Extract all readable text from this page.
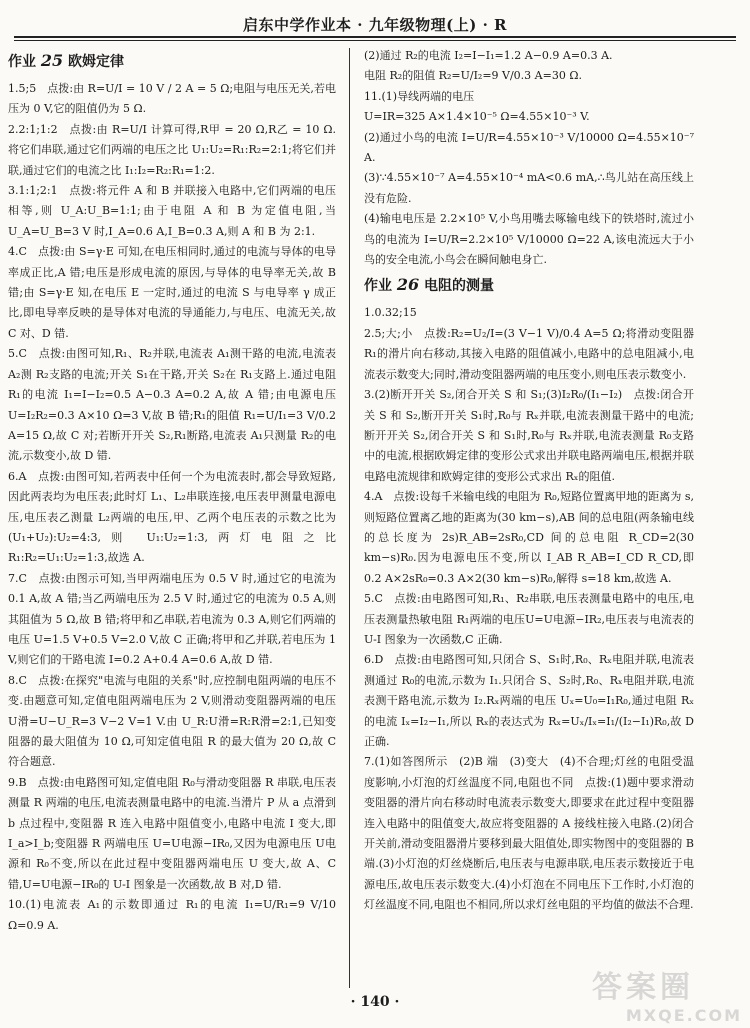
启东中学作业本 · 九年级物理(上) · R
作业 25 欧姆定律

1.5;5　点拨:由 R=U/I = 10 V / 2 A = 5 Ω;电阻与电压无关,若电压为 0 V,它的阻值仍为 5 Ω.

2.2:1;1:2　点拨:由 R=U/I 计算可得,R甲 = 20 Ω,R乙 = 10 Ω.将它们串联,通过它们两端的电压之比 U₁:U₂=R₁:R₂=2:1;将它们并联,通过它们的电流之比 I₁:I₂=R₂:R₁=1:2.

3.1:1;2:1　点拨:将元件 A 和 B 并联接入电路中,它们两端的电压相等,则 U_A:U_B=1:1;由于电阻 A 和 B 为定值电阻,当 U_A=U_B=3 V 时,I_A=0.6 A,I_B=0.3 A,则 A 和 B 为 2:1.

4.C　点拨:由 S=γ·E 可知,在电压相同时,通过的电流与导体的电导率成正比,A 错;电压是形成电流的原因,与导体的电导率无关,故 B 错;由 S=γ·E 知,在电压 E 一定时,通过的电流 S 与电导率 γ 成正比,即电导率反映的是导体对电流的导通能力,与电压、电流无关,故 C 对、D 错.

5.C　点拨:由图可知,R₁、R₂并联,电流表 A₁测干路的电流,电流表 A₂测 R₂支路的电流;开关 S₁在干路,开关 S₂在 R₁支路上.通过电阻 R₁的电流 I₁=I−I₂=0.5 A−0.3 A=0.2 A,故 A 错;由电源电压 U=I₂R₂=0.3 A×10 Ω=3 V,故 B 错;R₁的阻值 R₁=U/I₁=3 V/0.2 A=15 Ω,故 C 对;若断开开关 S₂,R₁断路,电流表 A₁只测量 R₂的电流,示数变小,故 D 错.

6.A　点拨:由图可知,若两表中任何一个为电流表时,都会导致短路,因此两表均为电压表;此时灯 L₁、L₂串联连接,电压表甲测量电源电压,电压表乙测量 L₂两端的电压,甲、乙两个电压表的示数之比为(U₁+U₂):U₂=4:3,则 U₁:U₂=1:3,两灯电阻之比 R₁:R₂=U₁:U₂=1:3,故选 A.

7.C　点拨:由图示可知,当甲两端电压为 0.5 V 时,通过它的电流为 0.1 A,故 A 错;当乙两端电压为 2.5 V 时,通过它的电流为 0.5 A,则其阻值为 5 Ω,故 B 错;将甲和乙串联,若电流为 0.3 A,则它们两端的电压 U=1.5 V+0.5 V=2.0 V,故 C 正确;将甲和乙并联,若电压为 1 V,则它们的干路电流 I=0.2 A+0.4 A=0.6 A,故 D 错.

8.C　点拨:在探究"电流与电阻的关系"时,应控制电阻两端的电压不变.由题意可知,定值电阻两端电压为 2 V,则滑动变阻器两端的电压 U滑=U−U_R=3 V−2 V=1 V.由 U_R:U滑=R:R滑=2:1,已知变阻器的最大阻值为 10 Ω,可知定值电阻 R 的最大值为 20 Ω,故 C 符合题意.

9.B　点拨:由电路图可知,定值电阻 R₀与滑动变阻器 R 串联,电压表测量 R 两端的电压,电流表测量电路中的电流.当滑片 P 从 a 点滑到 b 点过程中,变阻器 R 连入电路中阻值变小,电路中电流 I 变大,即 I_a>I_b;变阻器 R 两端电压 U=U电源−IR₀,又因为电源电压 U电源和 R₀不变,所以在此过程中变阻器两端电压 U 变大,故 A、C 错,U=U电源−IR₀的 U-I 图象是一次函数,故 B 对,D 错.

10.(1)电流表 A₁的示数即通过 R₁的电流 I₁=U/R₁=9 V/10 Ω=0.9 A.

(2)通过 R₂的电流 I₂=I−I₁=1.2 A−0.9 A=0.3 A.

电阻 R₂的阻值 R₂=U/I₂=9 V/0.3 A=30 Ω.

11.(1)导线两端的电压

U=IR=325 A×1.4×10⁻⁵ Ω=4.55×10⁻³ V.

(2)通过小鸟的电流 I=U/R=4.55×10⁻³ V/10000 Ω=4.55×10⁻⁷ A.

(3)∵4.55×10⁻⁷ A=4.55×10⁻⁴ mA<0.6 mA,∴鸟儿站在高压线上没有危险.

(4)输电电压是 2.2×10⁵ V,小鸟用嘴去啄输电线下的铁塔时,流过小鸟的电流为 I=U/R=2.2×10⁵ V/10000 Ω=22 A,该电流远大于小鸟的安全电流,小鸟会在瞬间触电身亡.

作业 26 电阻的测量

1.0.32;15

2.5;大;小　点拨:R₂=U₂/I=(3 V−1 V)/0.4 A=5 Ω;将滑动变阻器 R₁的滑片向右移动,其接入电路的阻值减小,电路中的总电阻减小,电流表示数变大;同时,滑动变阻器两端的电压变小,则电压表示数变小.

3.(2)断开开关 S₂,闭合开关 S 和 S₁;(3)I₂R₀/(I₁−I₂)　点拨:闭合开关 S 和 S₂,断开开关 S₁时,R₀与 Rₓ并联,电流表测量干路中的电流;断开开关 S₂,闭合开关 S 和 S₁时,R₀与 Rₓ并联,电流表测量 R₀支路中的电流,根据欧姆定律的变形公式求出并联电路两端电压,根据并联电路电流规律和欧姆定律的变形公式求出 Rₓ的阻值.

4.A　点拨:设每千米输电线的电阻为 R₀,短路位置离甲地的距离为 s,则短路位置离乙地的距离为(30 km−s),AB 间的总电阻(两条输电线的总长度为 2s)R_AB=2sR₀,CD 间的总电阻 R_CD=2(30 km−s)R₀.因为电源电压不变,所以 I_AB R_AB=I_CD R_CD,即 0.2 A×2sR₀=0.3 A×2(30 km−s)R₀,解得 s=18 km,故选 A.

5.C　点拨:由电路图可知,R₁、R₂串联,电压表测量电路中的电压,电压表测量热敏电阻 R₁两端的电压U=U电源−IR₂,电压表与电流表的 U-I 图象为一次函数,C 正确.

6.D　点拨:由电路图可知,只闭合 S、S₁时,R₀、Rₓ电阻并联,电流表测通过 R₀的电流,示数为 I₁.只闭合 S、S₂时,R₀、Rₓ电阻并联,电流表测干路电流,示数为 I₂.Rₓ两端的电压 Uₓ=U₀=I₁R₀,通过电阻 Rₓ的电流 Iₓ=I₂−I₁,所以 Rₓ的表达式为 Rₓ=Uₓ/Iₓ=I₁/(I₂−I₁)R₀,故 D 正确.

7.(1)如答图所示　(2)B 端　(3)变大　(4)不合理;灯丝的电阻受温度影响,小灯泡的灯丝温度不同,电阻也不同　点拨:(1)题中要求滑动变阻器的滑片向右移动时电流表示数变大,即要求在此过程中变阻器连入电路中的阻值变大,故应将变阻器的 A 接线柱接入电路.(2)闭合开关前,滑动变阻器滑片要移到最大阻值处,即实物图中的变阻器的 B 端.(3)小灯泡的灯丝烧断后,电压表与电源串联,电压表示数接近于电源电压,故电压表示数变大.(4)小灯泡在不同电压下工作时,小灯泡的灯丝温度不同,电阻也不相同,所以求灯丝电阻的平均值的做法不合理.

· 140 ·	答案圈
MXQE.COM
